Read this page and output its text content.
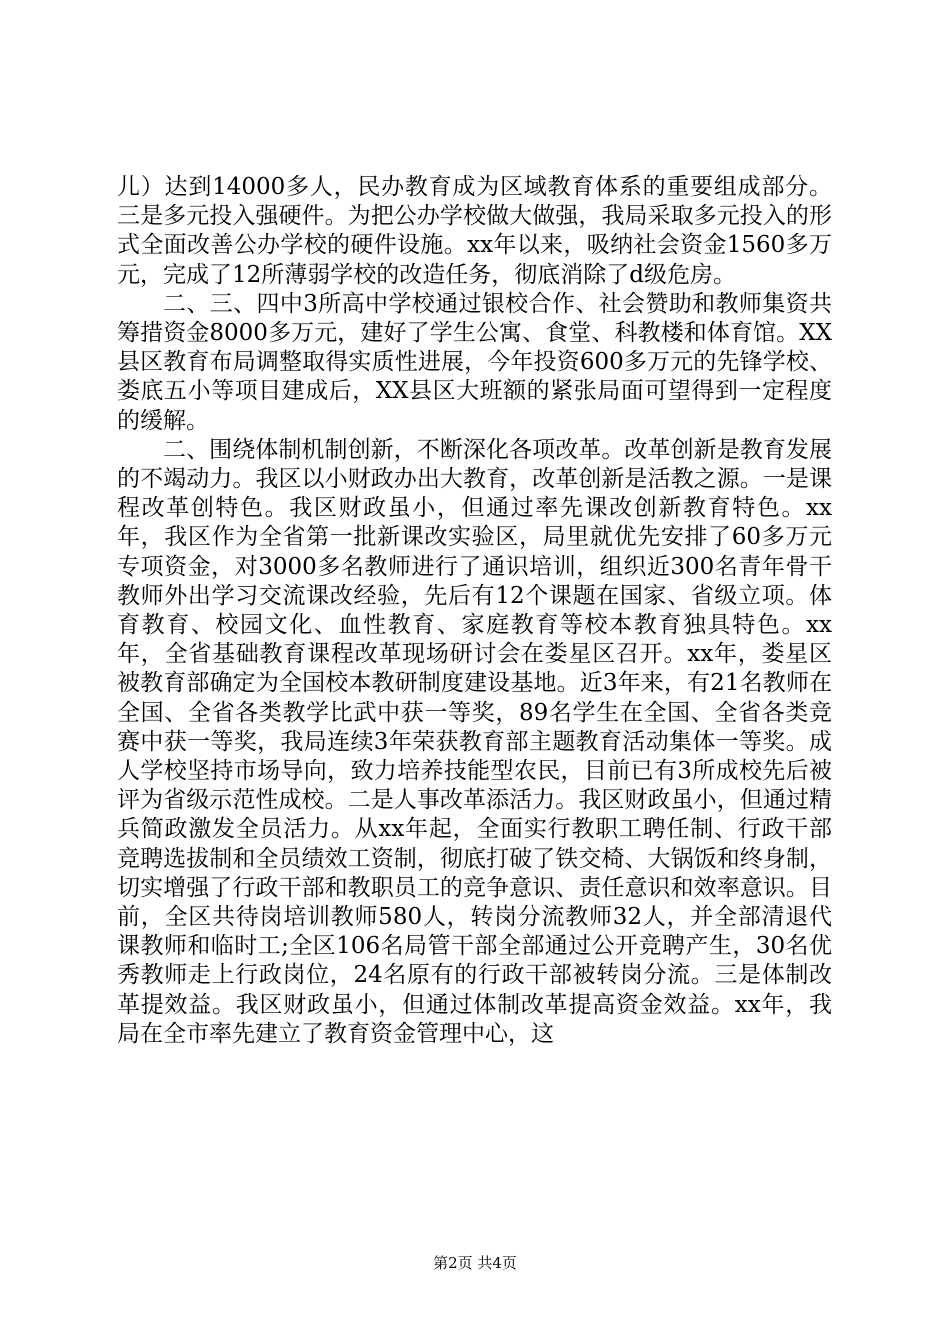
儿）达到14000多人，民办教育成为区域教育体系的重要组成部分。三是多元投入强硬件。为把公办学校做大做强，我局采取多元投入的形式全面改善公办学校的硬件设施。xx年以来，吸纳社会资金1560多万元，完成了12所薄弱学校的改造任务，彻底消除了d级危房。

二、三、四中3所高中学校通过银校合作、社会赞助和教师集资共筹措资金8000多万元，建好了学生公寓、食堂、科教楼和体育馆。XX县区教育布局调整取得实质性进展，今年投资600多万元的先锋学校、娄底五小等项目建成后，XX县区大班额的紧张局面可望得到一定程度的缓解。

二、围绕体制机制创新，不断深化各项改革。改革创新是教育发展的不竭动力。我区以小财政办出大教育，改革创新是活教之源。一是课程改革创特色。我区财政虽小，但通过率先课改创新教育特色。xx年，我区作为全省第一批新课改实验区，局里就优先安排了60多万元专项资金，对3000多名教师进行了通识培训，组织近300名青年骨干教师外出学习交流课改经验，先后有12个课题在国家、省级立项。体育教育、校园文化、血性教育、家庭教育等校本教育独具特色。xx年，全省基础教育课程改革现场研讨会在娄星区召开。xx年，娄星区被教育部确定为全国校本教研制度建设基地。近3年来，有21名教师在全国、全省各类教学比武中获一等奖，89名学生在全国、全省各类竞赛中获一等奖，我局连续3年荣获教育部主题教育活动集体一等奖。成人学校坚持市场导向，致力培养技能型农民，目前已有3所成校先后被评为省级示范性成校。二是人事改革添活力。我区财政虽小，但通过精兵简政激发全员活力。从xx年起，全面实行教职工聘任制、行政干部竞聘选拔制和全员绩效工资制，彻底打破了铁交椅、大锅饭和终身制，切实增强了行政干部和教职员工的竞争意识、责任意识和效率意识。目前，全区共待岗培训教师580人，转岗分流教师32人，并全部清退代课教师和临时工;全区106名局管干部全部通过公开竞聘产生，30名优秀教师走上行政岗位，24名原有的行政干部被转岗分流。三是体制改革提效益。我区财政虽小，但通过体制改革提高资金效益。xx年，我局在全市率先建立了教育资金管理中心，这

第2页 共4页
